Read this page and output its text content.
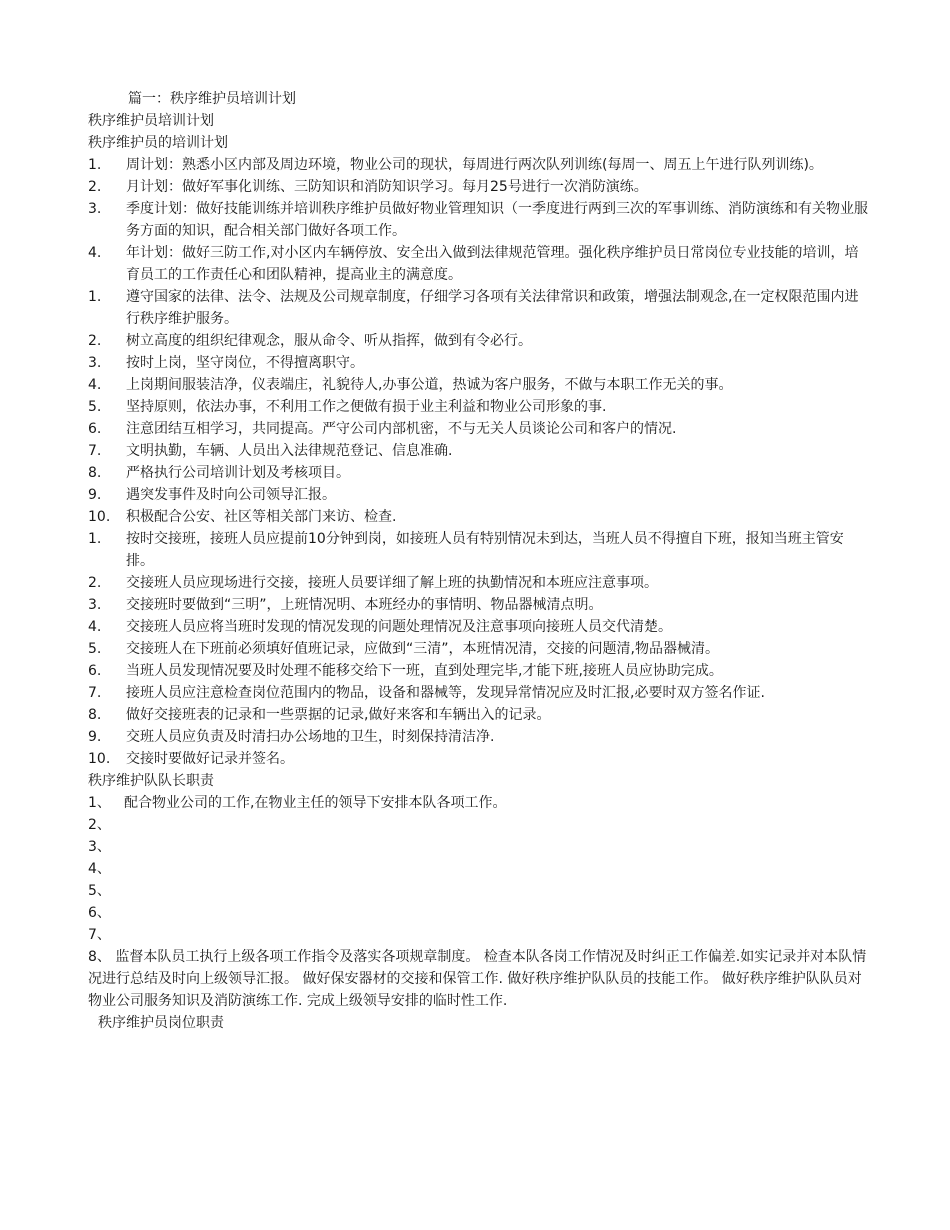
篇一：秩序维护员培训计划
秩序维护员培训计划
秩序维护员的培训计划
1.	周计划：熟悉小区内部及周边环境，物业公司的现状，每周进行两次队列训练(每周一、周五上午进行队列训练)。
2.	月计划：做好军事化训练、三防知识和消防知识学习。每月25号进行一次消防演练。
3.	季度计划：做好技能训练并培训秩序维护员做好物业管理知识（一季度进行两到三次的军事训练、消防演练和有关物业服务方面的知识，配合相关部门做好各项工作。
4.	年计划：做好三防工作,对小区内车辆停放、安全出入做到法律规范管理。强化秩序维护员日常岗位专业技能的培训，培育员工的工作责任心和团队精神，提高业主的满意度。
1.	遵守国家的法律、法令、法规及公司规章制度，仔细学习各项有关法律常识和政策，增强法制观念,在一定权限范围内进行秩序维护服务。
2.	树立高度的组织纪律观念，服从命令、听从指挥，做到有令必行。
3.	按时上岗，坚守岗位，不得擅离职守。
4.	上岗期间服装洁净，仪表端庄，礼貌待人,办事公道，热诚为客户服务，不做与本职工作无关的事。
5.	坚持原则，依法办事，不利用工作之便做有损于业主利益和物业公司形象的事.
6.	注意团结互相学习，共同提高。严守公司内部机密，不与无关人员谈论公司和客户的情况.
7.	文明执勤，车辆、人员出入法律规范登记、信息准确.
8.	严格执行公司培训计划及考核项目。
9.	遇突发事件及时向公司领导汇报。
10.	积极配合公安、社区等相关部门来访、检查.
1.	按时交接班，接班人员应提前10分钟到岗，如接班人员有特别情况未到达，当班人员不得擅自下班，报知当班主管安排。
2.	交接班人员应现场进行交接，接班人员要详细了解上班的执勤情况和本班应注意事项。
3.	交接班时要做到“三明”，上班情况明、本班经办的事情明、物品器械清点明。
4.	交接班人员应将当班时发现的情况发现的问题处理情况及注意事项向接班人员交代清楚。
5.	交接班人在下班前必须填好值班记录，应做到“三清”，本班情况清，交接的问题清,物品器械清。
6.	当班人员发现情况要及时处理不能移交给下一班，直到处理完毕,才能下班,接班人员应协助完成。
7.	接班人员应注意检查岗位范围内的物品，设备和器械等，发现异常情况应及时汇报,必要时双方签名作证.
8.	做好交接班表的记录和一些票据的记录,做好来客和车辆出入的记录。
9.	交班人员应负责及时清扫办公场地的卫生，时刻保持清洁净.
10.	交接时要做好记录并签名。
秩序维护队队长职责
1、 配合物业公司的工作,在物业主任的领导下安排本队各项工作。
2、
3、
4、
5、
6、
7、
8、 监督本队员工执行上级各项工作指令及落实各项规章制度。 检查本队各岗工作情况及时纠正工作偏差.如实记录并对本队情况进行总结及时向上级领导汇报。 做好保安器材的交接和保管工作. 做好秩序维护队队员的技能工作。 做好秩序维护队队员对物业公司服务知识及消防演练工作. 完成上级领导安排的临时性工作.
秩序维护员岗位职责
